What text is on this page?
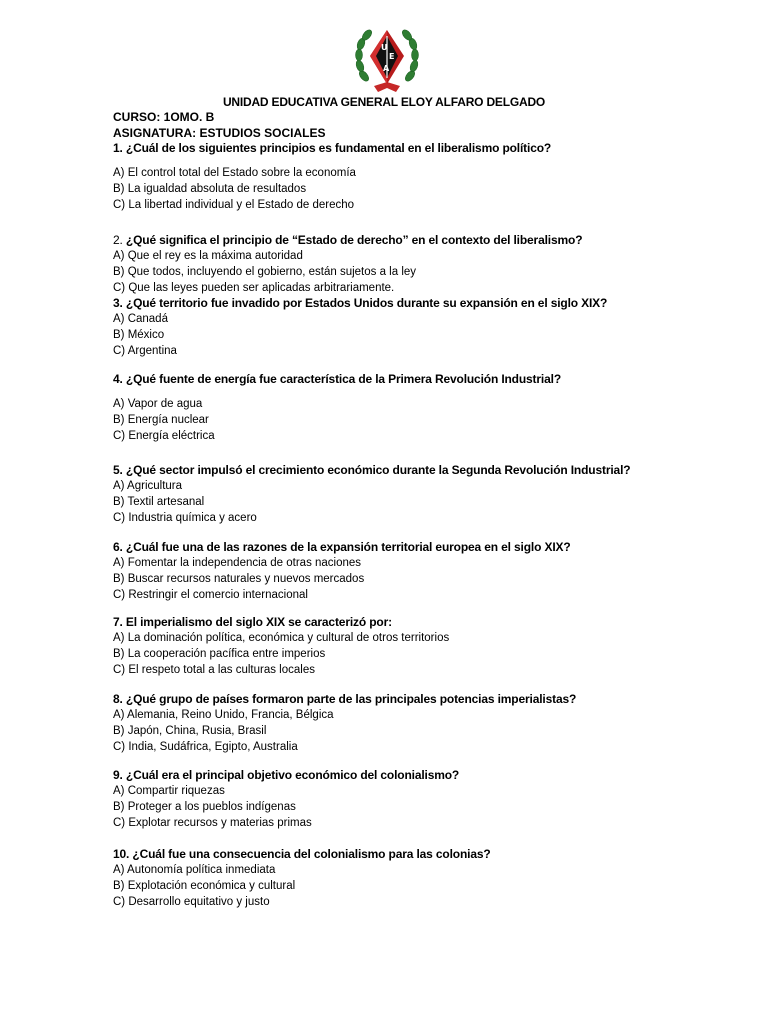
U
E
A
UNIDAD EDUCATIVA GENERAL ELOY ALFARO DELGADO
CURSO: 1OMO. B
ASIGNATURA: ESTUDIOS SOCIALES
1. ¿Cuál de los siguientes principios es fundamental en el liberalismo político?
A) El control total del Estado sobre la economía
B) La igualdad absoluta de resultados
C) La libertad individual y el Estado de derecho
2. ¿Qué significa el principio de “Estado de derecho” en el contexto del liberalismo?
A) Que el rey es la máxima autoridad
B) Que todos, incluyendo el gobierno, están sujetos a la ley
C) Que las leyes pueden ser aplicadas arbitrariamente.
3. ¿Qué territorio fue invadido por Estados Unidos durante su expansión en el siglo XIX?
A) Canadá
B) México
C) Argentina
4. ¿Qué fuente de energía fue característica de la Primera Revolución Industrial?
A) Vapor de agua
B) Energía nuclear
C) Energía eléctrica
5. ¿Qué sector impulsó el crecimiento económico durante la Segunda Revolución Industrial?
A) Agricultura
B) Textil artesanal
C) Industria química y acero
6. ¿Cuál fue una de las razones de la expansión territorial europea en el siglo XIX?
A) Fomentar la independencia de otras naciones
B) Buscar recursos naturales y nuevos mercados
C) Restringir el comercio internacional
7. El imperialismo del siglo XIX se caracterizó por:
A) La dominación política, económica y cultural de otros territorios
B) La cooperación pacífica entre imperios
C) El respeto total a las culturas locales
8. ¿Qué grupo de países formaron parte de las principales potencias imperialistas?
A) Alemania, Reino Unido, Francia, Bélgica
B) Japón, China, Rusia, Brasil
C) India, Sudáfrica, Egipto, Australia
9. ¿Cuál era el principal objetivo económico del colonialismo?
A) Compartir riquezas
B) Proteger a los pueblos indígenas
C) Explotar recursos y materias primas
10. ¿Cuál fue una consecuencia del colonialismo para las colonias?
A) Autonomía política inmediata
B) Explotación económica y cultural
C) Desarrollo equitativo y justo
